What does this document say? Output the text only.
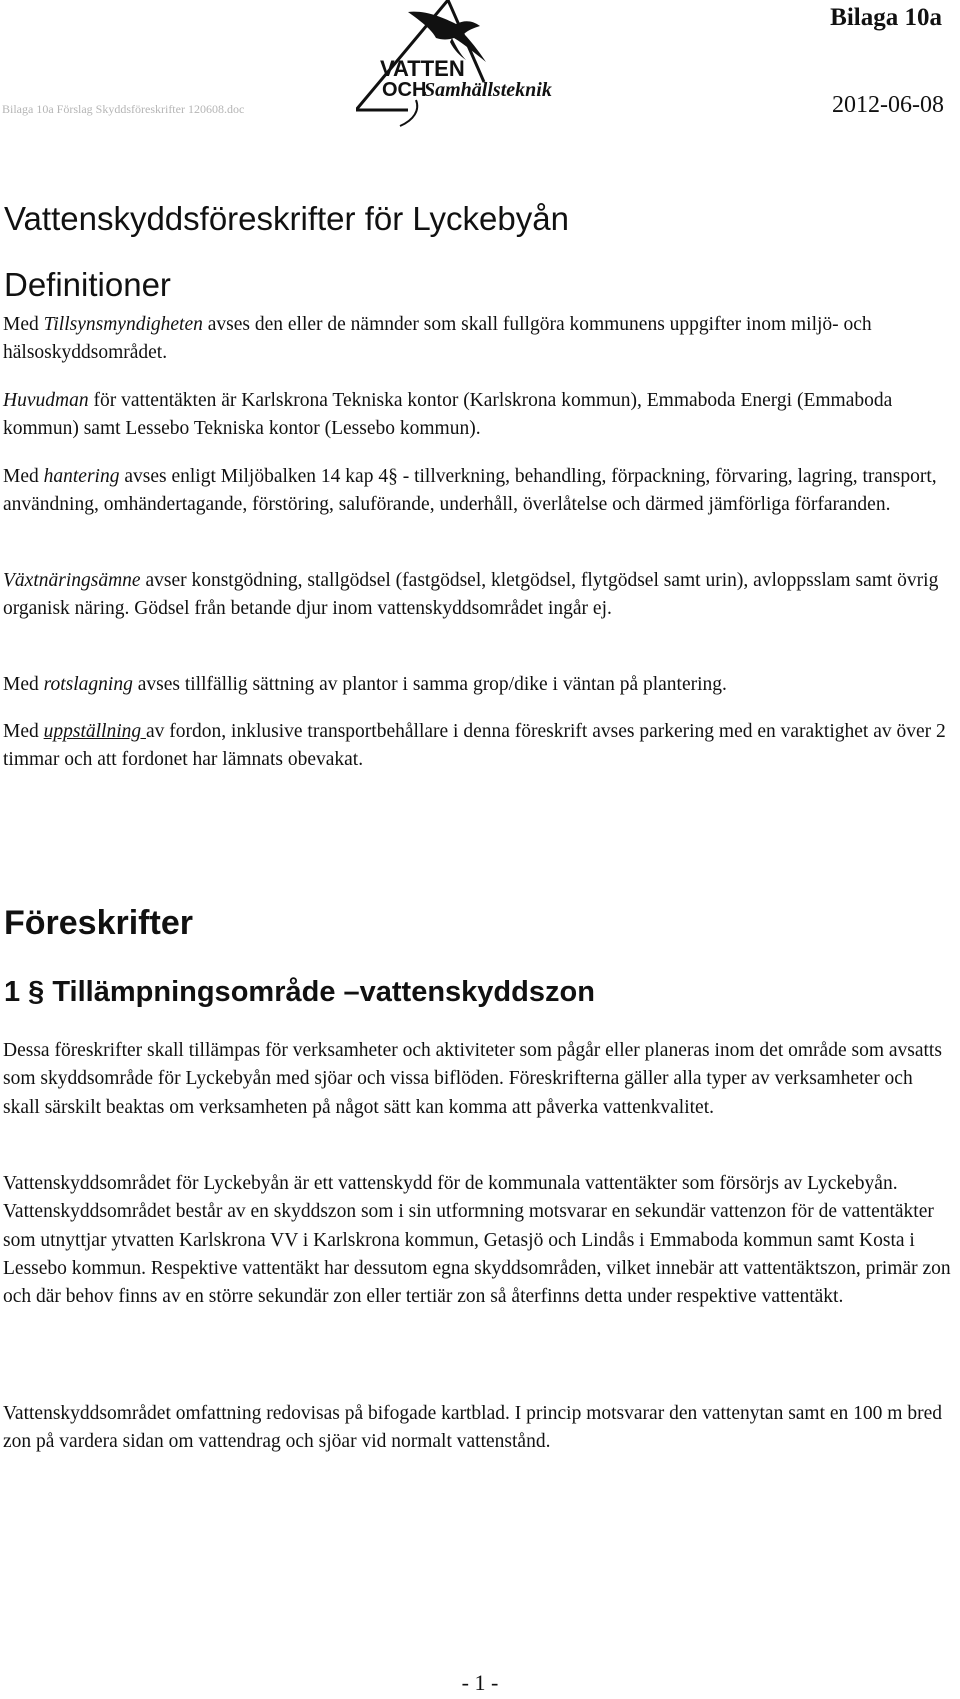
Bilaga 10a Förslag Skyddsföreskrifter 120608.doc
Bilaga 10a
2012-06-08
VATTEN
OCH
Samhällsteknik
Vattenskyddsföreskrifter för Lyckebyån
Definitioner

Med Tillsynsmyndigheten avses den eller de nämnder som skall fullgöra kommunens uppgifter inom miljö- och hälsoskyddsområdet.

Huvudman för vattentäkten är Karlskrona Tekniska kontor (Karlskrona kommun), Emmaboda Energi (Emmaboda kommun) samt Lessebo Tekniska kontor (Lessebo kommun).

Med hantering avses enligt Miljöbalken 14 kap 4§ - tillverkning, behandling, förpackning, förvaring, lagring, transport, användning, omhändertagande, förstöring, saluförande, underhåll, överlåtelse och därmed jämförliga förfaranden.

Växtnäringsämne avser konstgödning, stallgödsel (fastgödsel, kletgödsel, flytgödsel samt urin), avloppsslam samt övrig organisk näring. Gödsel från betande djur inom vattenskyddsområdet ingår ej.

Med rotslagning avses tillfällig sättning av plantor i samma grop/dike i väntan på plantering.

Med uppställning av fordon, inklusive transportbehållare i denna föreskrift avses parkering med en varaktighet av över 2 timmar och att fordonet har lämnats obevakat.

Föreskrifter
1 § Tillämpningsområde –vattenskyddszon

Dessa föreskrifter skall tillämpas för verksamheter och aktiviteter som pågår eller planeras inom det område som avsatts som skyddsområde för Lyckebyån med sjöar och vissa biflöden. Föreskrifterna gäller alla typer av verksamheter och skall särskilt beaktas om verksamheten på något sätt kan komma att påverka vattenkvalitet.

Vattenskyddsområdet för Lyckebyån är ett vattenskydd för de kommunala vattentäkter som försörjs av Lyckebyån. Vattenskyddsområdet består av en skyddszon som i sin utformning motsvarar en sekundär vattenzon för de vattentäkter som utnyttjar ytvatten Karlskrona VV i Karlskrona kommun, Getasjö och Lindås i Emmaboda kommun samt Kosta i Lessebo kommun. Respektive vattentäkt har dessutom egna skyddsområden, vilket innebär att vattentäktszon, primär zon och där behov finns av en större sekundär zon eller tertiär zon så återfinns detta under respektive vattentäkt.

Vattenskyddsområdet omfattning redovisas på bifogade kartblad. I princip motsvarar den vattenytan samt en 100 m bred zon på vardera sidan om vattendrag och sjöar vid normalt vattenstånd.

- 1 -
